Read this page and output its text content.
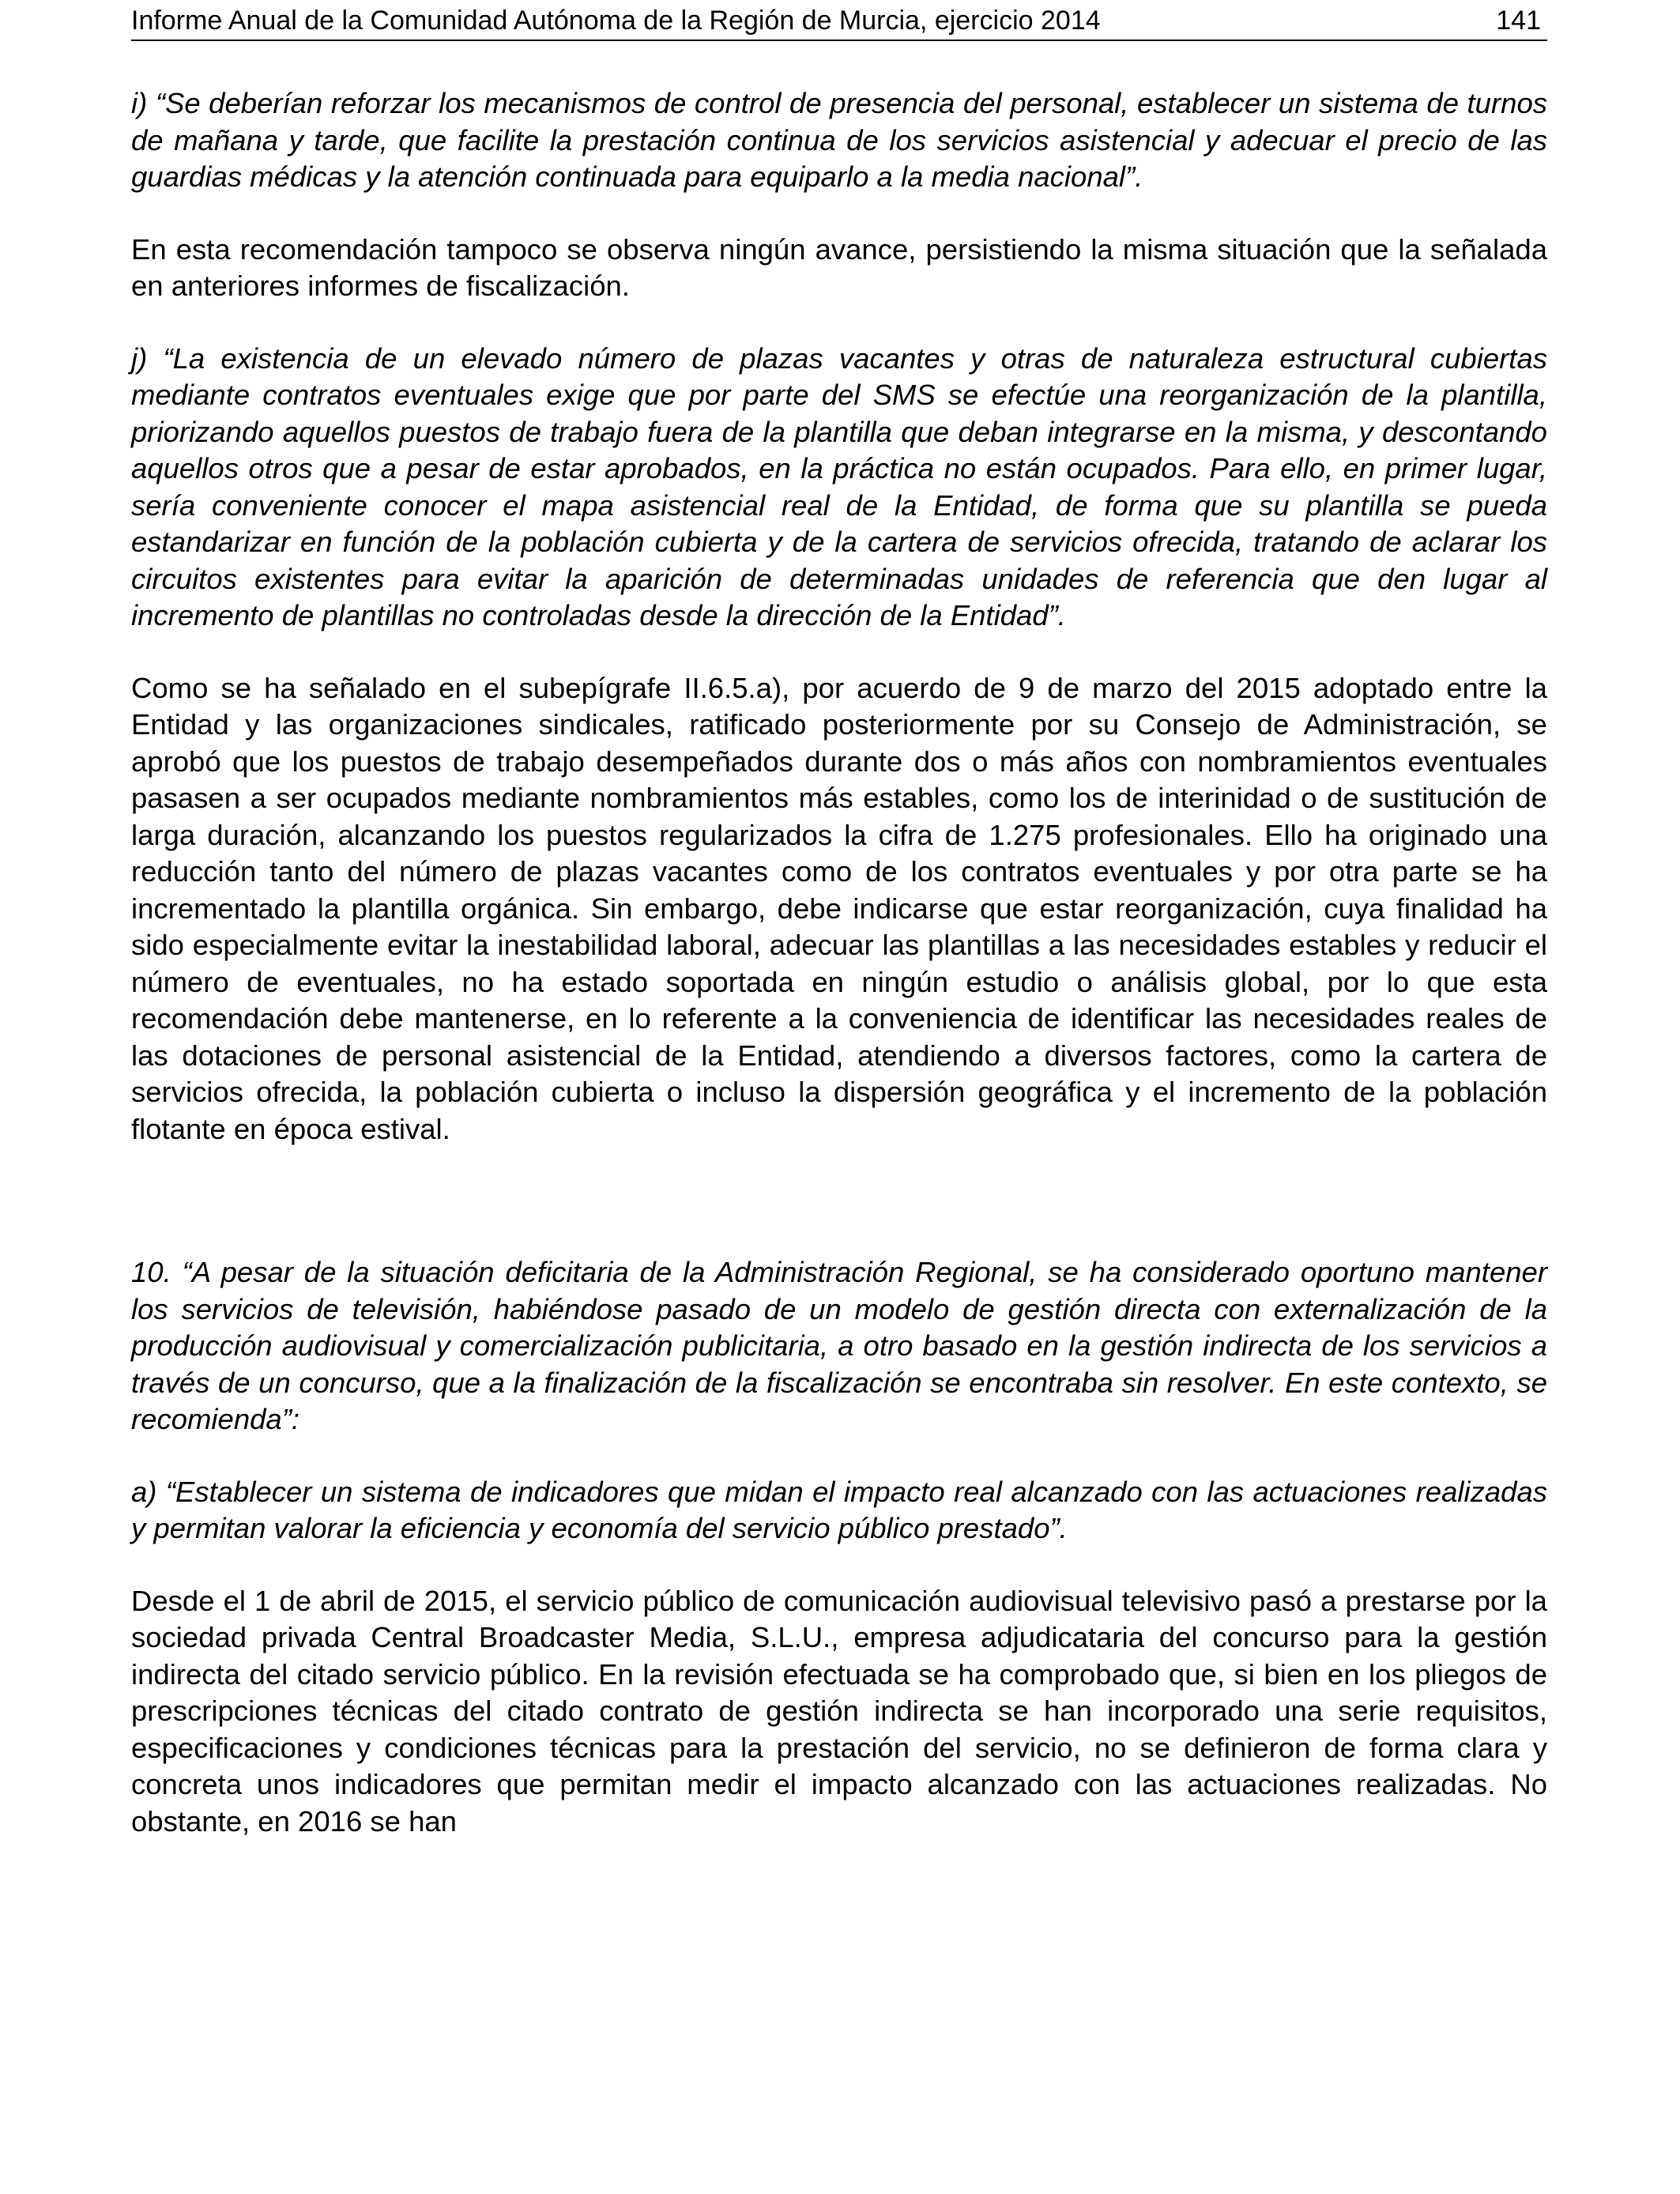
Informe Anual de la Comunidad Autónoma de la Región de Murcia, ejercicio 2014	141

i) “Se deberían reforzar los mecanismos de control de presencia del personal, establecer un sistema de turnos de mañana y tarde, que facilite la prestación continua de los servicios asistencial y adecuar el precio de las guardias médicas y la atención continuada para equiparlo a la media nacional”.

En esta recomendación tampoco se observa ningún avance, persistiendo la misma situación que la señalada en anteriores informes de fiscalización.

j) “La existencia de un elevado número de plazas vacantes y otras de naturaleza estructural cubiertas mediante contratos eventuales exige que por parte del SMS se efectúe una reorganización de la plantilla, priorizando aquellos puestos de trabajo fuera de la plantilla que deban integrarse en la misma, y descontando aquellos otros que a pesar de estar aprobados, en la práctica no están ocupados. Para ello, en primer lugar, sería conveniente conocer el mapa asistencial real de la Entidad, de forma que su plantilla se pueda estandarizar en función de la población cubierta y de la cartera de servicios ofrecida, tratando de aclarar los circuitos existentes para evitar la aparición de determinadas unidades de referencia que den lugar al incremento de plantillas no controladas desde la dirección de la Entidad”.

Como se ha señalado en el subepígrafe II.6.5.a), por acuerdo de 9 de marzo del 2015 adoptado entre la Entidad y las organizaciones sindicales, ratificado posteriormente por su Consejo de Administración, se aprobó que los puestos de trabajo desempeñados durante dos o más años con nombramientos eventuales pasasen a ser ocupados mediante nombramientos más estables, como los de interinidad o de sustitución de larga duración, alcanzando los puestos regularizados la cifra de 1.275 profesionales. Ello ha originado una reducción tanto del número de plazas vacantes como de los contratos eventuales y por otra parte se ha incrementado la plantilla orgánica. Sin embargo, debe indicarse que estar reorganización, cuya finalidad ha sido especialmente evitar la inestabilidad laboral, adecuar las plantillas a las necesidades estables y reducir el número de eventuales, no ha estado soportada en ningún estudio o análisis global, por lo que esta recomendación debe mantenerse, en lo referente a la conveniencia de identificar las necesidades reales de las dotaciones de personal asistencial de la Entidad, atendiendo a diversos factores, como la cartera de servicios ofrecida, la población cubierta o incluso la dispersión geográfica y el incremento de la población flotante en época estival.

10. “A pesar de la situación deficitaria de la Administración Regional, se ha considerado oportuno mantener los servicios de televisión, habiéndose pasado de un modelo de gestión directa con externalización de la producción audiovisual y comercialización publicitaria, a otro basado en la gestión indirecta de los servicios a través de un concurso, que a la finalización de la fiscalización se encontraba sin resolver. En este contexto, se recomienda”:

a) “Establecer un sistema de indicadores que midan el impacto real alcanzado con las actuaciones realizadas y permitan valorar la eficiencia y economía del servicio público prestado”.

Desde el 1 de abril de 2015, el servicio público de comunicación audiovisual televisivo pasó a prestarse por la sociedad privada Central Broadcaster Media, S.L.U., empresa adjudicataria del concurso para la gestión indirecta del citado servicio público. En la revisión efectuada se ha comprobado que, si bien en los pliegos de prescripciones técnicas del citado contrato de gestión indirecta se han incorporado una serie requisitos, especificaciones y condiciones técnicas para la prestación del servicio, no se definieron de forma clara y concreta unos indicadores que permitan medir el impacto alcanzado con las actuaciones realizadas. No obstante, en 2016 se han
